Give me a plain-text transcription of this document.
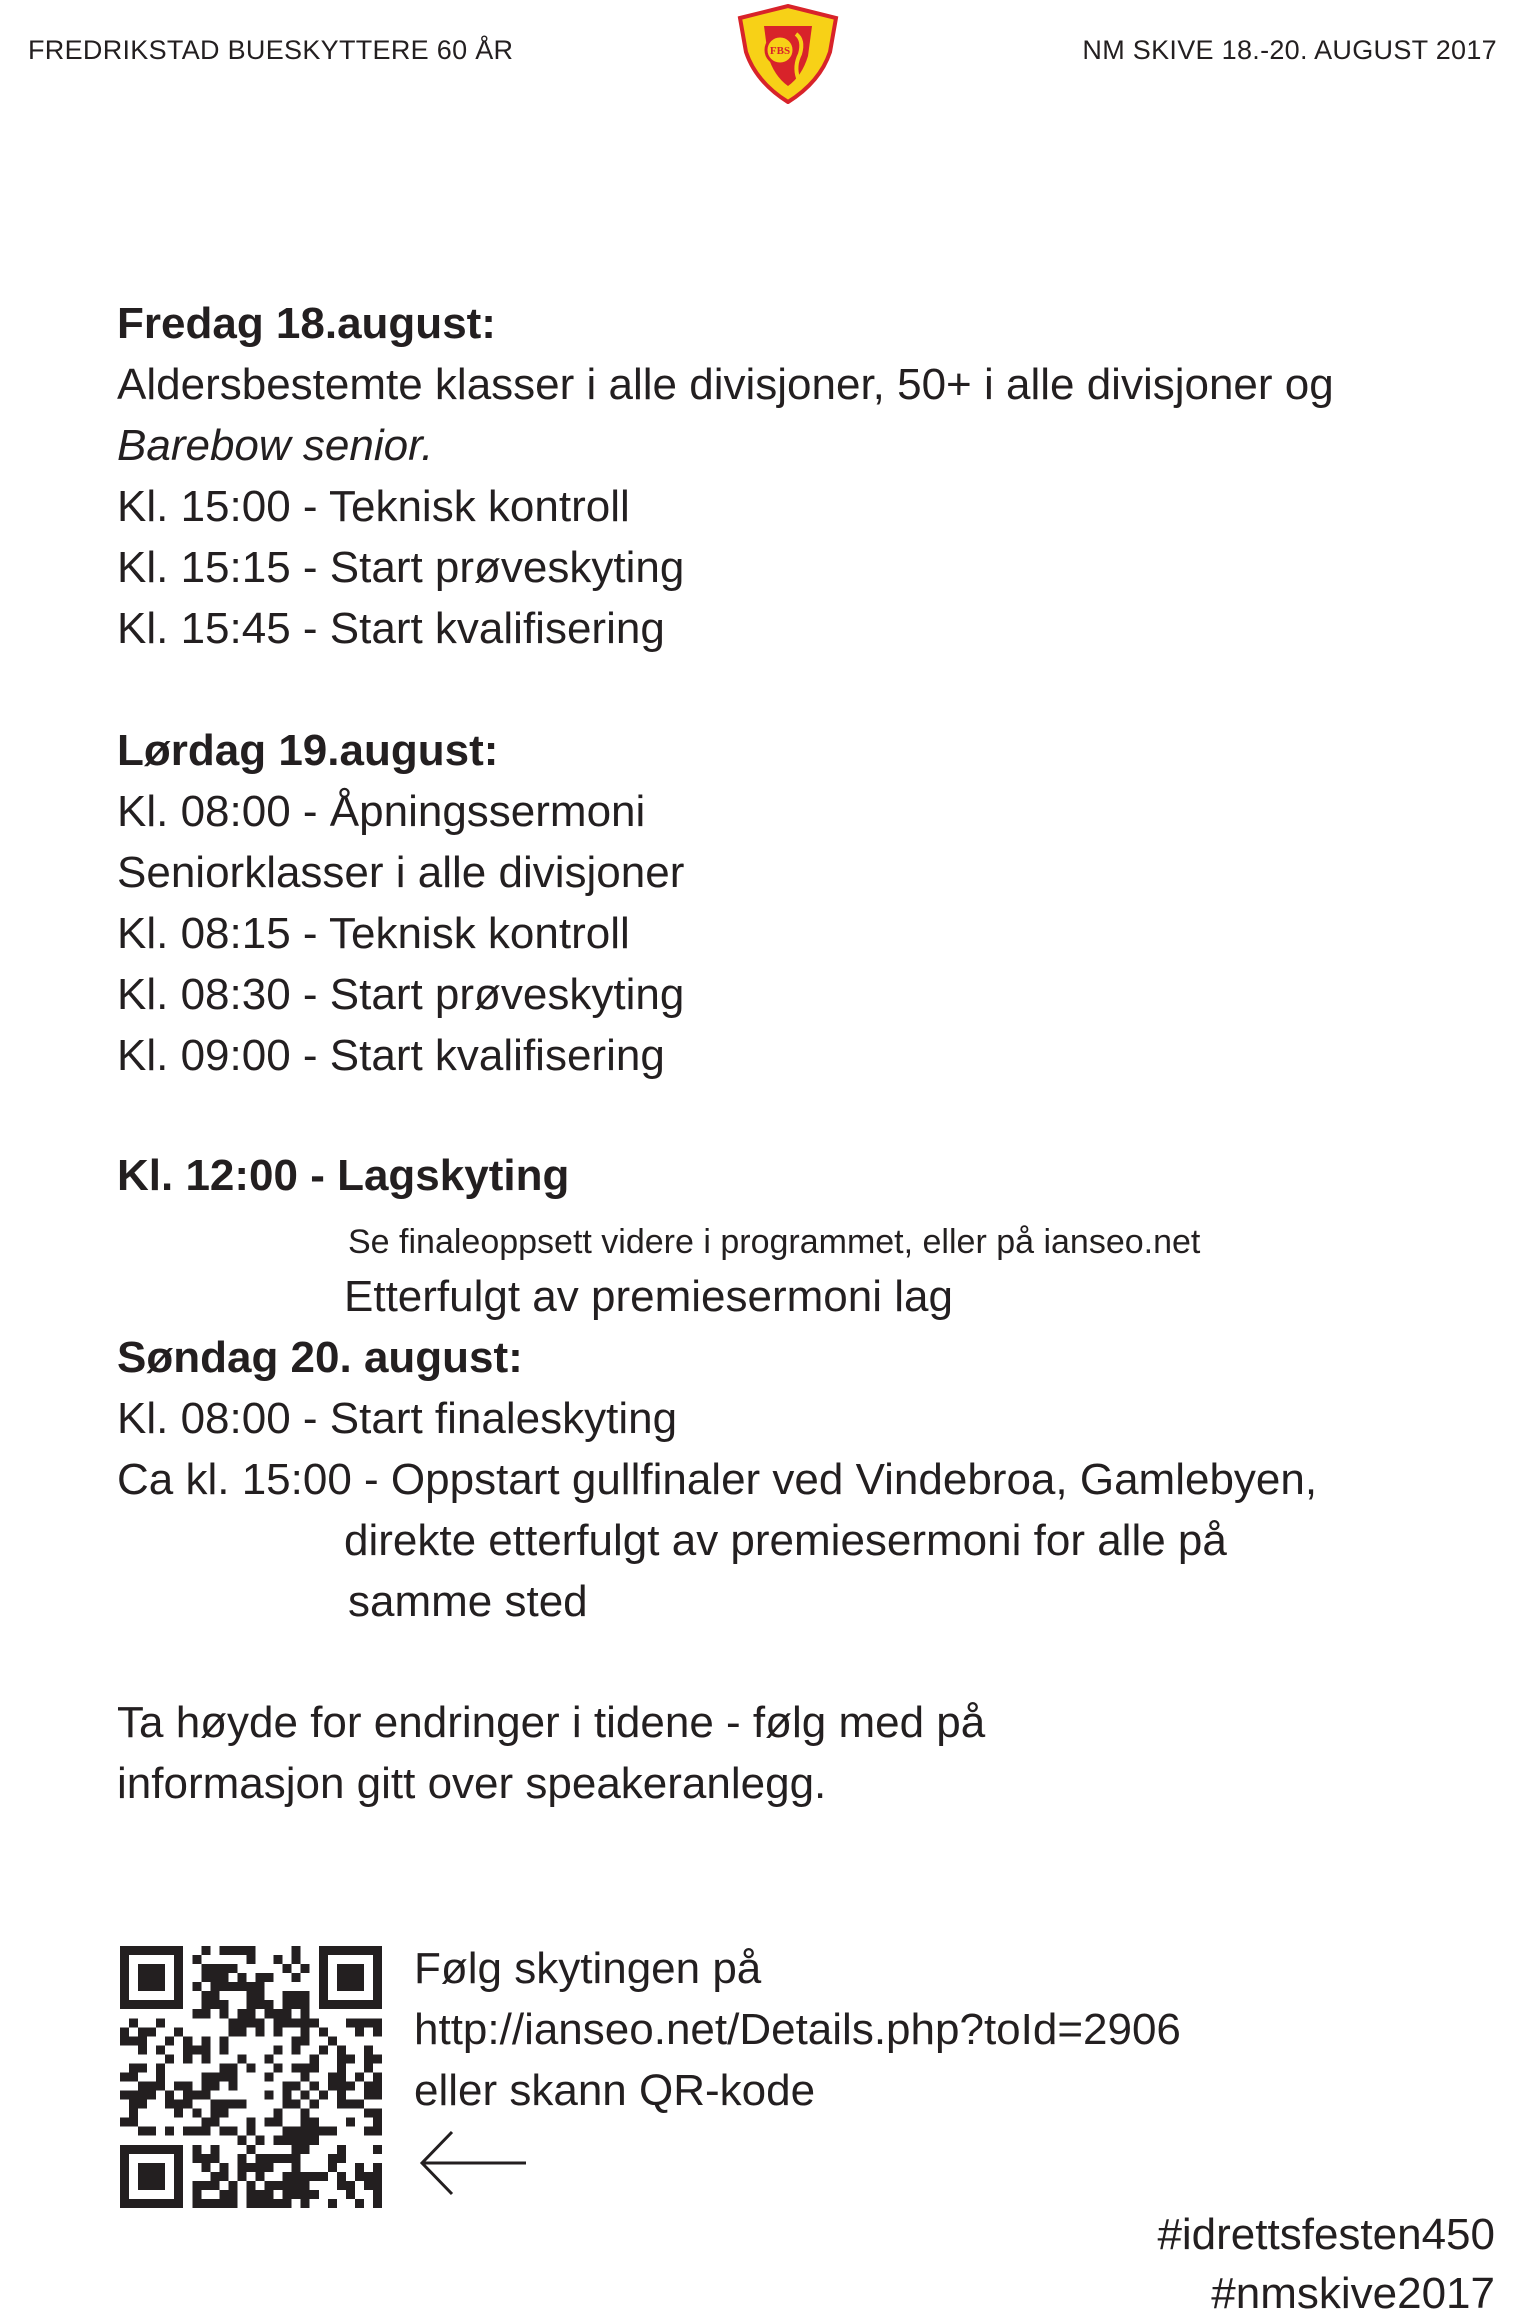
FREDRIKSTAD BUESKYTTERE 60 ÅR	NM SKIVE 18.-20. AUGUST 2017
FBS
Fredag 18.august:
Aldersbestemte klasser i alle divisjoner, 50+ i alle divisjoner og
Barebow senior.
Kl. 15:00 - Teknisk kontroll
Kl. 15:15 - Start prøveskyting
Kl. 15:45 - Start kvalifisering
Lørdag 19.august:
Kl. 08:00 - Åpningssermoni
Seniorklasser i alle divisjoner
Kl. 08:15 - Teknisk kontroll
Kl. 08:30 - Start prøveskyting
Kl. 09:00 - Start kvalifisering
Kl. 12:00 - Lagskyting
Se finaleoppsett videre i programmet, eller på ianseo.net
Etterfulgt av premiesermoni lag
Søndag 20. august:
Kl. 08:00 - Start finaleskyting
Ca kl. 15:00 - Oppstart gullfinaler ved Vindebroa, Gamlebyen,
direkte etterfulgt av premiesermoni for alle på
samme sted
Ta høyde for endringer i tidene - følg med på
informasjon gitt over speakeranlegg.
Følg skytingen på
http://ianseo.net/Details.php?toId=2906
eller skann QR-kode
#idrettsfesten450
#nmskive2017
